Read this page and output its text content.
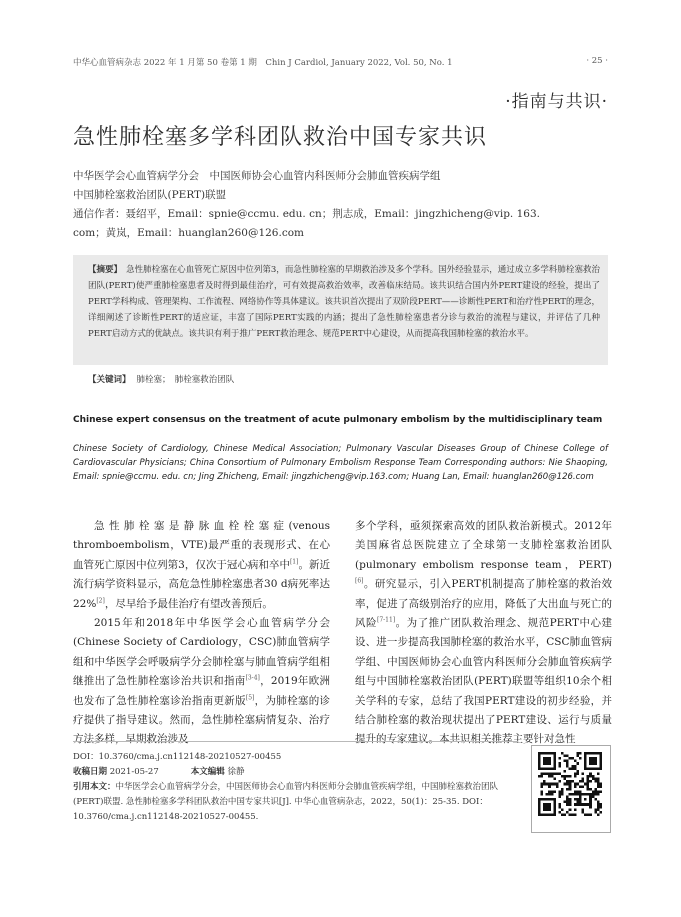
中华心血管病杂志 2022 年 1 月第 50 卷第 1 期　Chin J Cardiol, January 2022, Vol. 50, No. 1	· 25 ·
·指南与共识·
急性肺栓塞多学科团队救治中国专家共识
中华医学会心血管病学分会　中国医师协会心血管内科医师分会肺血管疾病学组
中国肺栓塞救治团队(PERT)联盟
通信作者：聂绍平，Email：spnie@ccmu. edu. cn；荆志成，Email：jingzhicheng@vip. 163.
com；黄岚，Email：huanglan260@126.com
【摘要】 急性肺栓塞在心血管死亡原因中位列第3，而急性肺栓塞的早期救治涉及多个学科。国外经验显示，通过成立多学科肺栓塞救治团队(PERT)使严重肺栓塞患者及时得到最佳治疗，可有效提高救治效率，改善临床结局。该共识结合国内外PERT建设的经验，提出了PERT学科构成、管理架构、工作流程、网络协作等具体建议。该共识首次提出了双阶段PERT——诊断性PERT和治疗性PERT的理念，详细阐述了诊断性PERT的适应证，丰富了国际PERT实践的内涵；提出了急性肺栓塞患者分诊与救治的流程与建议，并评估了几种PERT启动方式的优缺点。该共识有利于推广PERT救治理念、规范PERT中心建设，从而提高我国肺栓塞的救治水平。
【关键词】 肺栓塞；　肺栓塞救治团队
Chinese expert consensus on the treatment of acute pulmonary embolism by the multidisciplinary team
Chinese Society of Cardiology, Chinese Medical Association; Pulmonary Vascular Diseases Group of Chinese College of Cardiovascular Physicians; China Consortium of Pulmonary Embolism Response Team Corresponding authors: Nie Shaoping, Email: spnie@ccmu. edu. cn; Jing Zhicheng, Email: jingzhicheng@vip.163.com; Huang Lan, Email: huanglan260@126.com

急性肺栓塞是静脉血栓栓塞症(venous thromboembolism，VTE)最严重的表现形式、在心血管死亡原因中位列第3，仅次于冠心病和卒中[1]。新近流行病学资料显示，高危急性肺栓塞患者30 d病死率达22%[2]，尽早给予最佳治疗有望改善预后。

2015年和2018年中华医学会心血管病学分会(Chinese Society of Cardiology，CSC)肺血管病学组和中华医学会呼吸病学分会肺栓塞与肺血管病学组相继推出了急性肺栓塞诊治共识和指南[3-4]，2019年欧洲也发布了急性肺栓塞诊治指南更新版[5]，为肺栓塞的诊疗提供了指导建议。然而，急性肺栓塞病情复杂、治疗方法多样，早期救治涉及

多个学科，亟须探索高效的团队救治新模式。2012年美国麻省总医院建立了全球第一支肺栓塞救治团队(pulmonary embolism response team，PERT)[6]。研究显示，引入PERT机制提高了肺栓塞的救治效率，促进了高级别治疗的应用，降低了大出血与死亡的风险[7-11]。为了推广团队救治理念、规范PERT中心建设、进一步提高我国肺栓塞的救治水平，CSC肺血管病学组、中国医师协会心血管内科医师分会肺血管疾病学组与中国肺栓塞救治团队(PERT)联盟等组织10余个相关学科的专家，总结了我国PERT建设的初步经验，并结合肺栓塞的救治现状提出了PERT建设、运行与质量提升的专家建议。本共识相关推荐主要针对急性

DOI：10.3760/cma.j.cn112148-20210527-00455
收稿日期 2021-05-27	本文编辑 徐静
引用本文：中华医学会心血管病学分会，中国医师协会心血管内科医师分会肺血管疾病学组，中国肺栓塞救治团队(PERT)联盟. 急性肺栓塞多学科团队救治中国专家共识[J]. 中华心血管病杂志，2022，50(1)：25-35. DOI：10.3760/cma.j.cn112148-20210527-00455.
